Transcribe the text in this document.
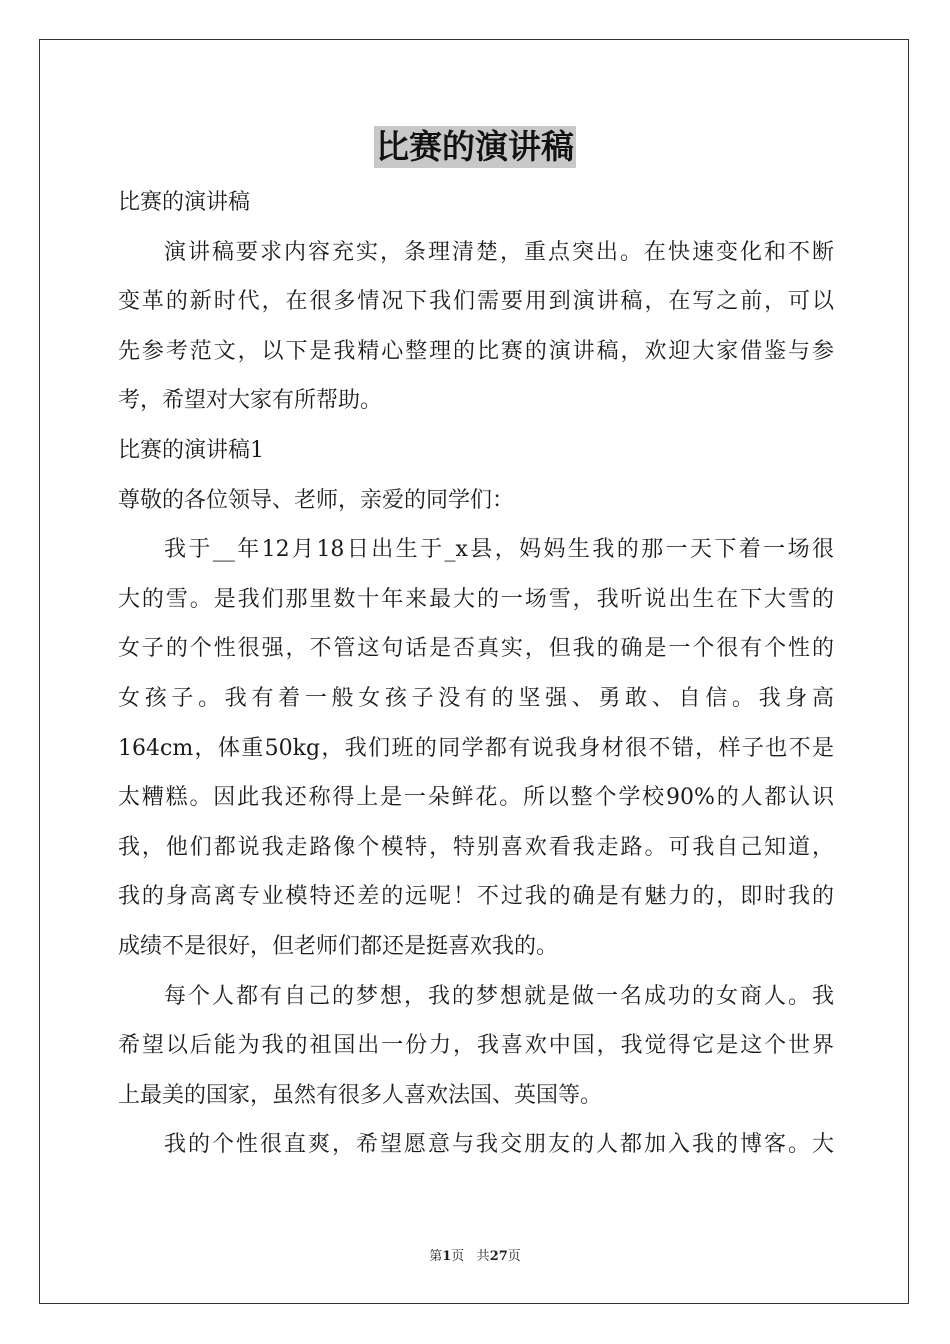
比赛的演讲稿
比赛的演讲稿
演讲稿要求内容充实，条理清楚，重点突出。在快速变化和不断
变革的新时代，在很多情况下我们需要用到演讲稿，在写之前，可以
先参考范文，以下是我精心整理的比赛的演讲稿，欢迎大家借鉴与参
考，希望对大家有所帮助。
比赛的演讲稿1
尊敬的各位领导、老师，亲爱的同学们：
我于__年12月18日出生于_x县，妈妈生我的那一天下着一场很
大的雪。是我们那里数十年来最大的一场雪，我听说出生在下大雪的
女子的个性很强，不管这句话是否真实，但我的确是一个很有个性的
女孩子。我有着一般女孩子没有的坚强、勇敢、自信。我身高
164cm，体重50kg，我们班的同学都有说我身材很不错，样子也不是
太糟糕。因此我还称得上是一朵鲜花。所以整个学校90%的人都认识
我，他们都说我走路像个模特，特别喜欢看我走路。可我自己知道，
我的身高离专业模特还差的远呢！不过我的确是有魅力的，即时我的
成绩不是很好，但老师们都还是挺喜欢我的。
每个人都有自己的梦想，我的梦想就是做一名成功的女商人。我
希望以后能为我的祖国出一份力，我喜欢中国，我觉得它是这个世界
上最美的国家，虽然有很多人喜欢法国、英国等。
我的个性很直爽，希望愿意与我交朋友的人都加入我的博客。大
第1页 共27页
